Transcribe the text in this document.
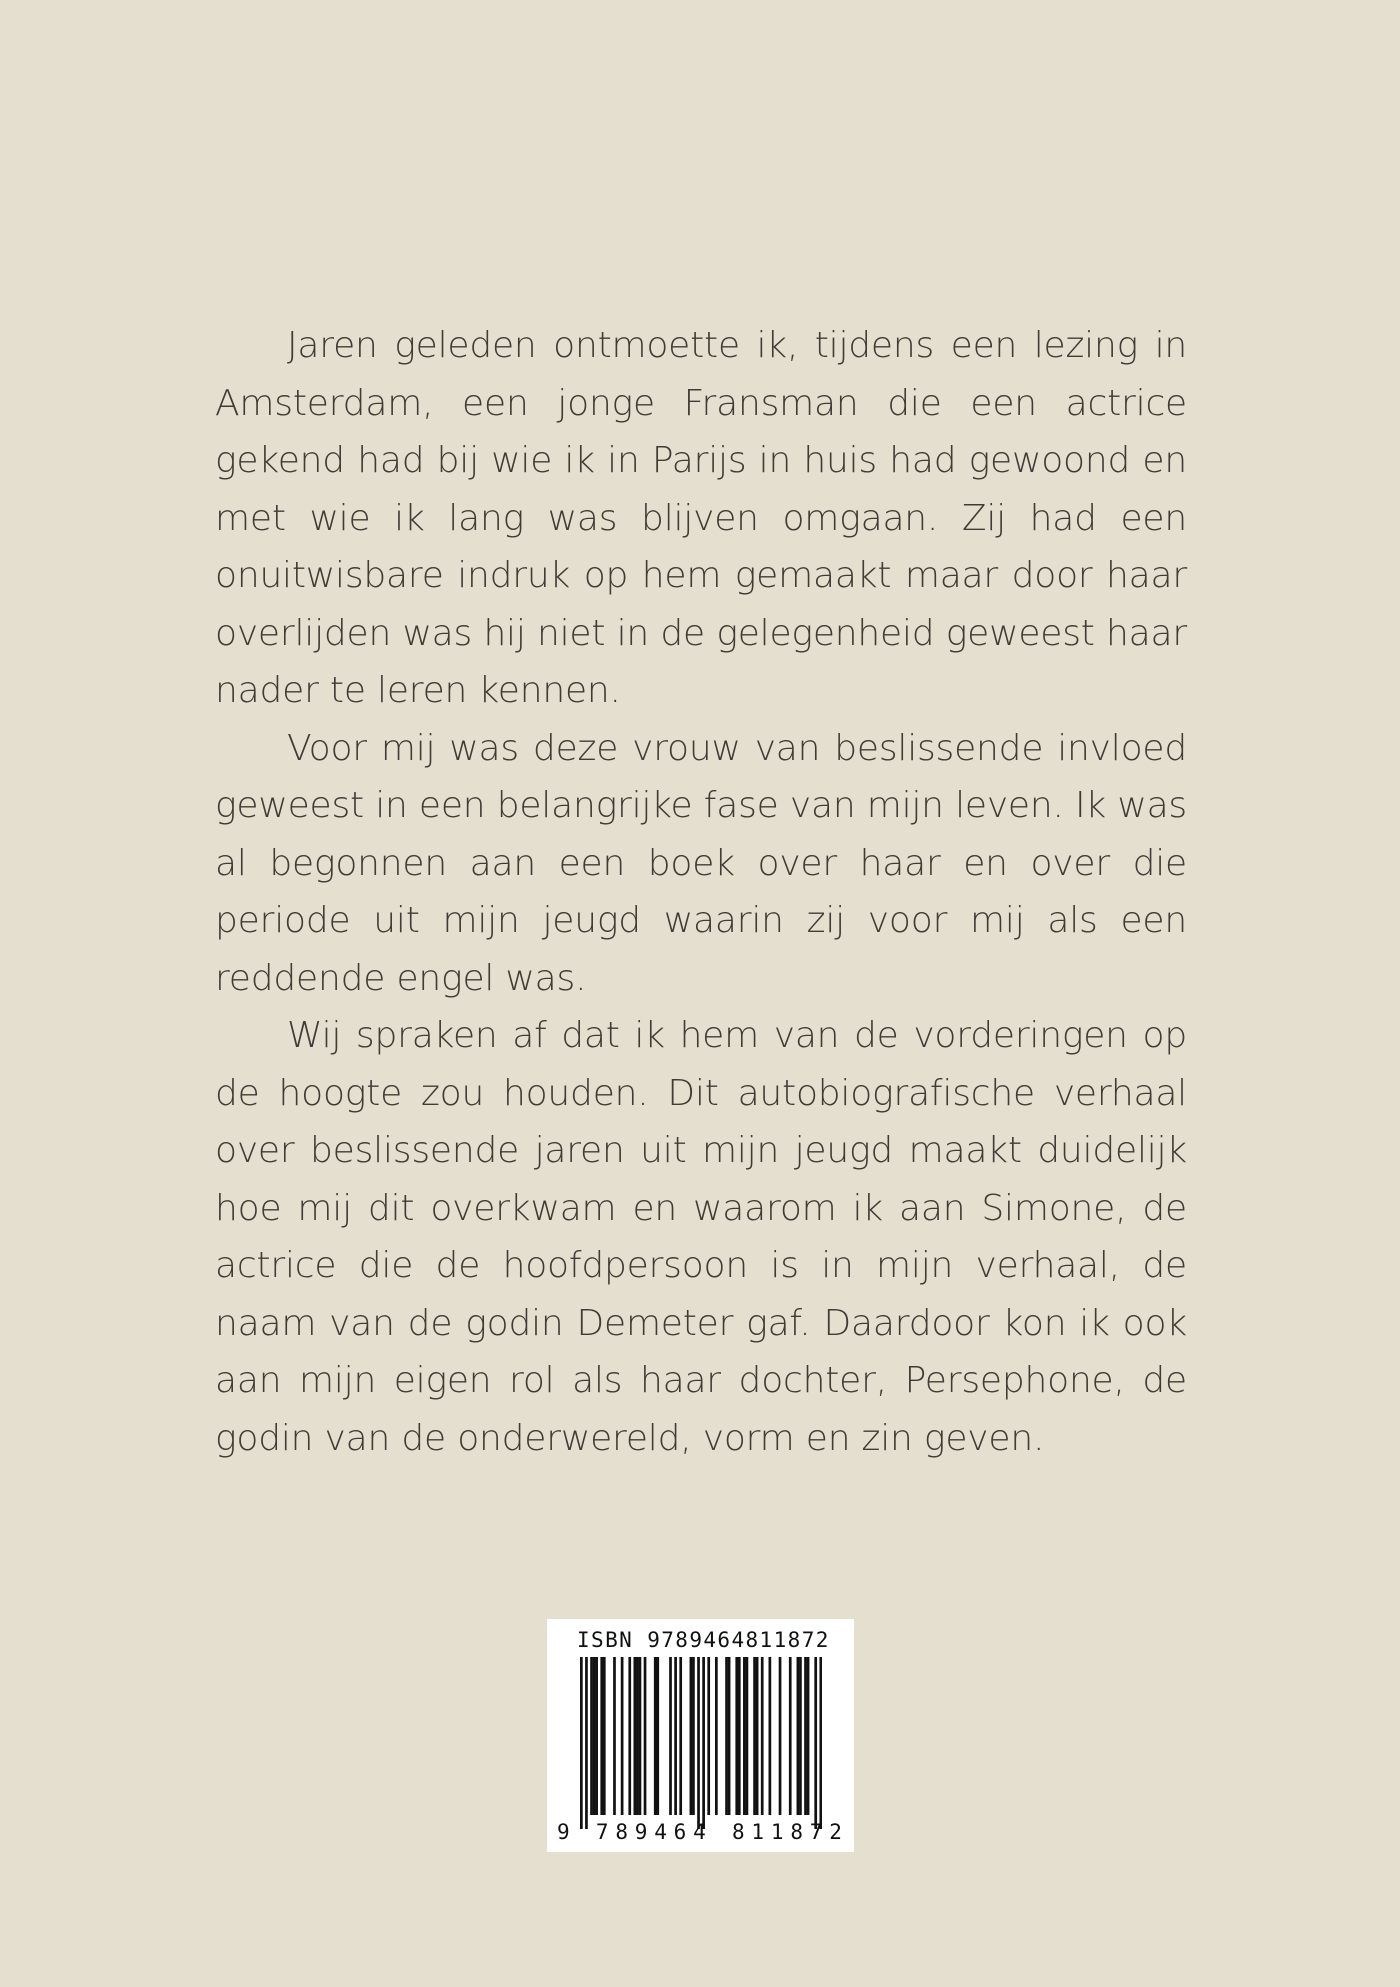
Jaren geleden ontmoette ik, tijdens een lezing in Amsterdam, een jonge Fransman die een actrice gekend had bij wie ik in Parijs in huis had gewoond en met wie ik lang was blijven omgaan. Zij had een onuitwisbare indruk op hem gemaakt maar door haar overlijden was hij niet in de gelegenheid geweest haar nader te leren kennen.

Voor mij was deze vrouw van beslissende invloed geweest in een belangrijke fase van mijn leven. Ik was al begonnen aan een boek over haar en over die periode uit mijn jeugd waarin zij voor mij als een reddende engel was.

Wij spraken af dat ik hem van de vorderingen op de hoogte zou houden. Dit autobiografische verhaal over beslissende jaren uit mijn jeugd maakt duidelijk hoe mij dit overkwam en waarom ik aan Simone, de actrice die de hoofdpersoon is in mijn verhaal, de naam van de godin Demeter gaf. Daardoor kon ik ook aan mijn eigen rol als haar dochter, Persephone, de godin van de onderwereld, vorm en zin geven.

ISBN 9789464811872
9 789464 811872
